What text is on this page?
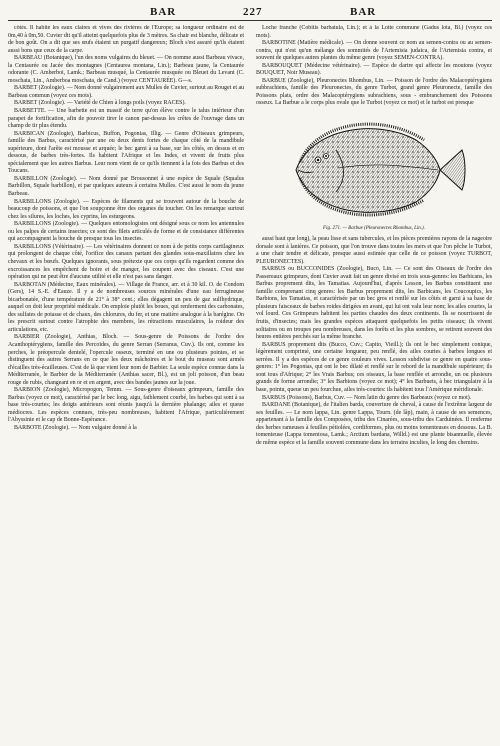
BAR	227	BAR

côtés. Il habite les eaux claires et vives des rivières de l'Europe; sa longueur ordinaire est de 0m,40 à 0m,50. Cuvier dit qu'il atteint quelquefois plus de 3 mètres. Sa chair est blanche, délicate et de bon goût. On a dit que ses œufs étaient un purgatif dangereux; Bloch s'est assuré qu'ils étaient aussi bons que ceux de la carpe.

BARBEAU (Botanique), l'un des noms vulgaires du bleuet. — On nomme aussi Barbeau vivace, la Centaurée ou Jacée des montagnes (Centaurea montana, Lin.); Barbeau jaune, la Centaurée odorante (C. Amberboi, Lamk.; Barbeau musqué, la Centaurée musquée ou Bleuet du Levant (C. moschata, Lin., Amberboa moschata, de Cand.) (voyez CENTAURÉE). G—s.

BARBET (Zoologie). — Nom donné vulgairement aux Mulles de Cuvier, surtout au Rouget et au Barbeau commun (voyez ces mots).

BARBET (Zoologie). — Variété de Chien à longs poils (voyez RACES).

BARBETTE. — Une barbette est un massif de terre qu'on élève contre le talus intérieur d'un parapet de fortification, afin de pouvoir tirer le canon par-dessus les crêtes de l'ouvrage dans un champ de tir plus étendu.

BARBICAN (Zoologie), Barbicus, Buffon, Pogonias, Illig. — Genre d'Oiseaux grimpeurs, famille des Barbus, caractérisé par une ou deux dents fortes de chaque côté de la mandibule supérieure, dont l'arête est mousse et arquée; le bec garni à sa base, sur les côtés, en dessus et en dessous, de barbes très-fortes. Ils habitent l'Afrique et les Indes, et vivent de fruits plus spécialement que les autres Barbus. Leur nom vient de ce qu'ils tiennent à la fois des Barbus et des Toucans.

BARBILLON (Zoologie). — Nom donné par Brousonnet à une espèce de Squale (Squalus Barbillon, Squale barbillon), et par quelques auteurs à certains Mulles. C'est aussi le nom du jeune Barbeau.

BARBILLONS (Zoologie). — Espèces de filaments qui se trouvent autour de la bouche de beaucoup de poissons, et que l'on soupçonne être des organes du toucher. On les remarque surtout chez les silures, les loches, les cyprins, les esturgeons.

BARBILLONS (Zoologie). — Quelques entomologistes ont désigné sous ce nom les antennules ou les palpes de certains insectes; ce sont des filets articulés de forme et de consistance différentes qui accompagnent la bouche de presque tous les insectes.

BARBILLONS (Vétérinaire). — Les vétérinaires donnent ce nom à de petits corps cartilagineux qui prolongent de chaque côté, l'orifice des canaux partant des glandes sous-maxillaires chez les chevaux et les bœufs. Quelques ignorants, sous prétexte que ces corps qu'ils regardent comme des excroissances les empêchent de boire et de manger, les coupent avec des ciseaux. C'est une opération qui ne peut être d'aucune utilité et elle n'est pas sans danger.

BARBOTAN (Médecine, Eaux minérales). — Village de France, arr. et à 30 kil. O. de Condom (Gers), 14 S.-E. d'Eauze. Il y a de nombreuses sources minérales d'une eau ferrugineuse bicarbonatée, d'une température de 21° à 38° cent.; elles dégagent un peu de gaz sulfhydrique, auquel on doit leur propriété médicale. On emploie plutôt les boues, qui renferment des carbonates, des sulfates de potasse et de chaux, des chlorures, du fer, et une matière analogue à la barégine. On les prescrit surtout contre l'atrophie des membres, les rétractions musculaires, la roideur des articulations, etc.

BARBIER (Zoologie), Anthias, Bloch. — Sous-genre de Poissons de l'ordre des Acanthoptérygiens, famille des Percoïdes, du genre Serran (Serranus, Cuv.). Ils ont, comme les perches, le préopercule dentelé, l'opercule osseux, terminé en une ou plusieurs pointes, et se distinguent des autres Serrans en ce que les deux mâchoires et le bout du museau sont armés d'écailles très-écailleuses. C'est de là que vient leur nom de Barbier. La seule espèce connue dans la Méditerranée, le Barbier de la Méditerranée (Anthias sacer, Bl.), est un joli poisson, d'un beau rouge de rubis, changeant en or et en argent, avec des bandes jaunes sur la joue.

BARBION (Zoologie), Micropogon, Temm. — Sous-genre d'oiseaux grimpeurs, famille des Barbus (voyez ce mot), caractérisé par le bec long, aigu, faiblement courbé, les barbes qui sont à sa base très-courtes; les doigts antérieurs sont réunis jusqu'à la dernière phalange; ailes et queue médiocres. Les espèces connues, très-peu nombreuses, habitent l'Afrique, particulièrement l'Abyssinie et le cap de Bonne-Espérance.

BARBOTE (Zoologie). — Nom vulgaire donné à la

Loche franche (Cobitis barbatula, Lin.); et à la Lotte commune (Gadus lota, Bl.) (voyez ces mots).

BARBOTINE (Matière médicale). — On donne souvent ce nom au semen-contra ou au semen-contra, qui n'est qu'un mélange des sommités de l'Artemisia judaica, de l'Artemisia contra, et souvent de quelques autres plantes du même genre (voyez SEMEN-CONTRA).

BARBOUQUET (Médecine vétérinaire). — Espèce de dartre qui affecte les moutons (voyez BOUQUET, Noir Museau).

BARBUE (Zoologie), Pleuronectes Rhombus, Lin. — Poisson de l'ordre des Malacoptérygiens subbrachiens, famille des Pleuronectes, du genre Turbot, grand genre Pleuronecte, famille des Poissons plats, ordre des Malacoptérygiens subrachiens, sous - embranchement des Poissons osseux. La Barbue a le corps plus ovale que le Turbot (voyez ce mot) et le turbot est presque

Fig. 271. — Barbue (Pleuronectes Rhombus, Lin.).

aussi haut que long), la peau lisse et sans tubercules, et les pièces premières rayons de la nageoire dorsale sont à lanières. Ce poisson, que l'on trouve dans toutes les mers et que l'on pêche le Turbot, a une chair tendre et délicate, presque aussi estimée que celle de ce poisson (voyez TURBOT, PLEURONECTES).

BARBUS ou BUCCONIDES (Zoologie), Buco, Lin. — Ce sont des Oiseaux de l'ordre des Passereaux grimpeurs, dont Cuvier avait fait un genre divisé en trois sous-genres: les Barbicans, les Barbus proprement dits, les Tamatias. Aujourd'hui, d'après Lesson, les Barbus constituent une famille comprenant cinq genres: les Barbus proprement dits, les Barbicans, les Coucoupics, les Barbions, les Tamatias, et caractérisée par un bec gros et renflé sur les côtés et garni à sa base de plusieurs faisceaux de barbes roides dirigées en avant, qui lui ont valu leur nom; les ailes courtes, la vol lourd. Ces Grimpeurs habitent les parties chaudes des deux continents. Ils se nourrissent de fruits, d'insectes; mais les grandes espèces attaquent quelquefois les petits oiseaux; ils vivent solitaires ou en troupes peu nombreuses, dans les forêts et les plus sombres, se retirent souvent des heures entières perchés sur la même branche.

BARBUS proprement dits (Bucco, Cuv.; Capito, Vieill.); ils ont le bec simplement conique, légèrement comprimé, une certaine longueur, peu renflé, des ailes courtes à barbes longues et serrées. Il y a des espèces de ce genre couleurs vives. Lesson subdivise ce genre en quatre sous-genres: 1° les Pogonias, qui ont le bec dilaté et renflé sur le rebord de la mandibule supérieure; ils sont tous d'Afrique; 2° les Vrais Barbus; ces oiseaux, la base renflée et arrondie, un ou plusieurs grands de forme arrondie; 3° les Barbions (voyez ce mot); 4° les Barbuets, à bec triangulaire à la base, pointu, queue un peu fourchue, ailes très-courtes: ils habitent tous l'Amérique méridionale.

BARBUS (Poissons), Barbus, Cuv. — Nom latin du genre des Barbeaux (voyez ce mot).

BARDANE (Botanique), de l'italien barda, couverture de cheval, à cause de l'extrême largeur de ses feuilles. — Le nom lappa, Lin. genre Lappa, Tourn. (de lâp), main, à cause de ses semences, appartenant à la famille des Composées, tribu des Cinarées, sous-tribu des Carduinées. Il renferme des herbes rameuses à feuilles pétiolées, cordiformes, plus ou moins tomenteuses en dessous. La B. tomenteuse (Lappa tomentosa, Lamk.; Arctium bardana, Willd.) est une plante bisannuelle, élevée de même espèce et la famille souvent commune dans les terrains incultes, le long des chemins.
